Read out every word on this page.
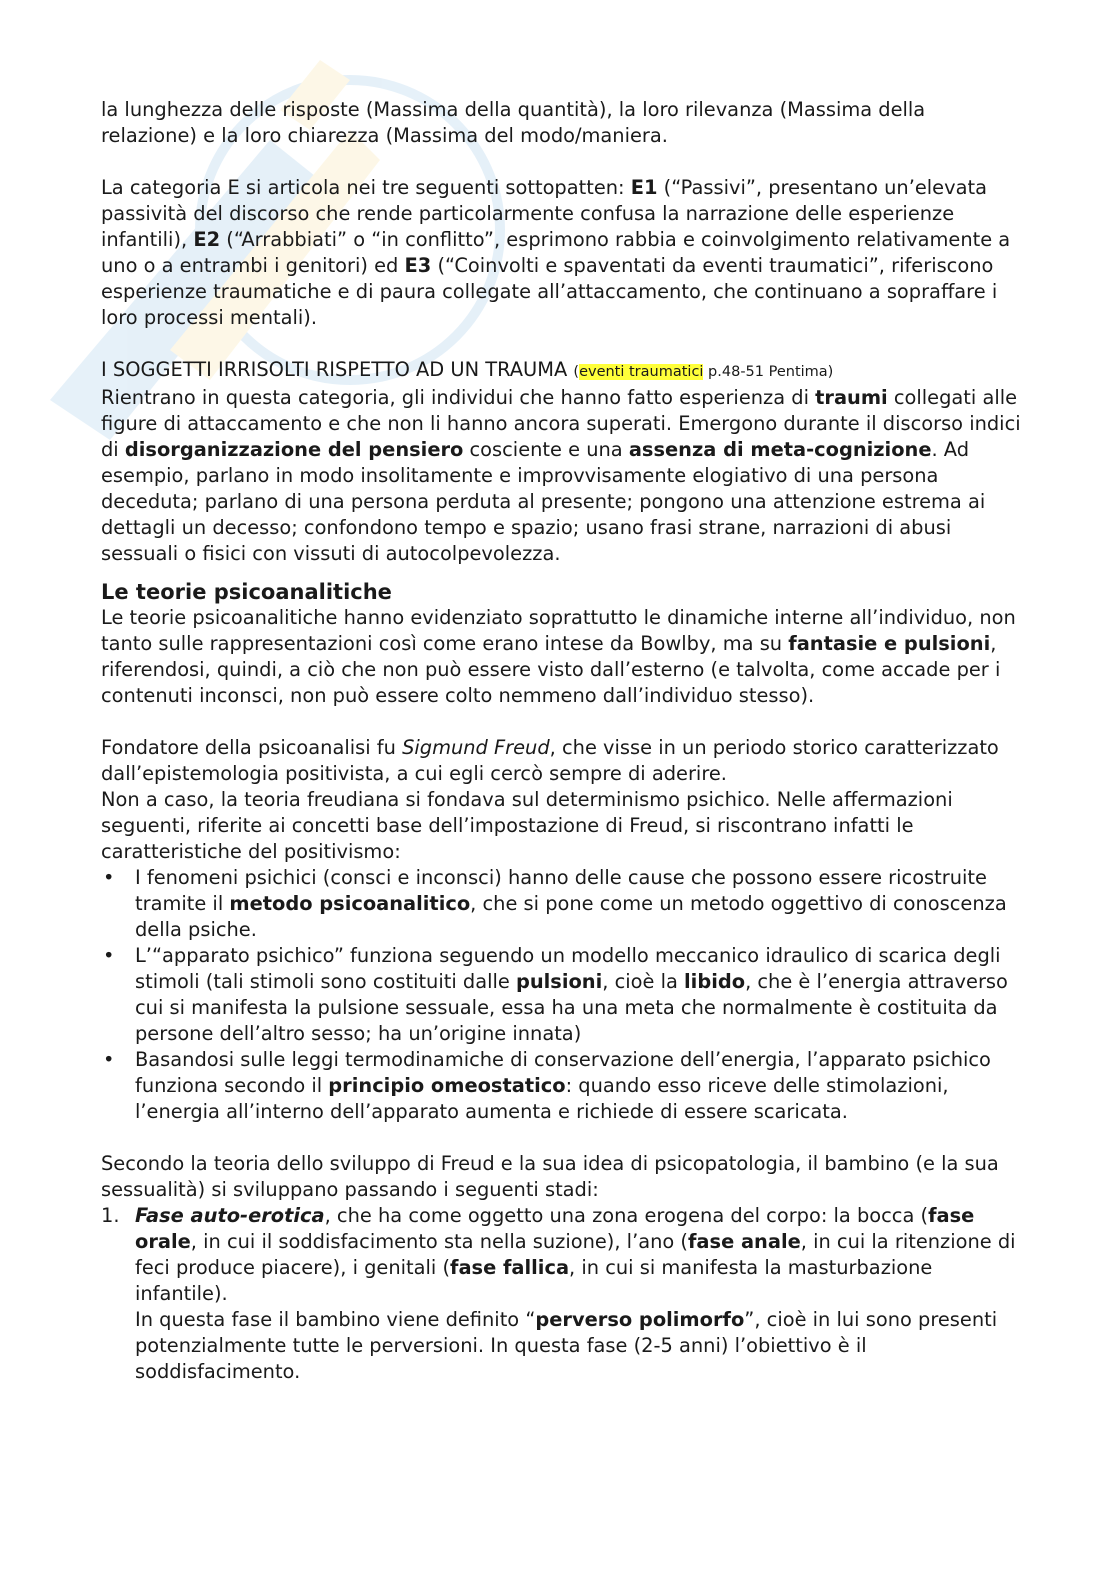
la lunghezza delle risposte (Massima della quantità), la loro rilevanza (Massima della relazione) e la loro chiarezza (Massima del modo/maniera.

La categoria E si articola nei tre seguenti sottopatten: E1 (“Passivi”, presentano un’elevata passività del discorso che rende particolarmente confusa la narrazione delle esperienze infantili), E2 (“Arrabbiati” o “in conflitto”, esprimono rabbia e coinvolgimento relativamente a uno o a entrambi i genitori) ed E3 (“Coinvolti e spaventati da eventi traumatici”, riferiscono esperienze traumatiche e di paura collegate all’attaccamento, che continuano a sopraffare i loro processi mentali).

I SOGGETTI IRRISOLTI RISPETTO AD UN TRAUMA (eventi traumatici p.48-51 Pentima)
Rientrano in questa categoria, gli individui che hanno fatto esperienza di traumi collegati alle figure di attaccamento e che non li hanno ancora superati. Emergono durante il discorso indici di disorganizzazione del pensiero cosciente e una assenza di meta-cognizione. Ad esempio, parlano in modo insolitamente e improvvisamente elogiativo di una persona deceduta; parlano di una persona perduta al presente; pongono una attenzione estrema ai dettagli un decesso; confondono tempo e spazio; usano frasi strane, narrazioni di abusi sessuali o fisici con vissuti di autocolpevolezza.

Le teorie psicoanalitiche

Le teorie psicoanalitiche hanno evidenziato soprattutto le dinamiche interne all’individuo, non tanto sulle rappresentazioni così come erano intese da Bowlby, ma su fantasie e pulsioni, riferendosi, quindi, a ciò che non può essere visto dall’esterno (e talvolta, come accade per i contenuti inconsci, non può essere colto nemmeno dall’individuo stesso).

Fondatore della psicoanalisi fu Sigmund Freud, che visse in un periodo storico caratterizzato dall’epistemologia positivista, a cui egli cercò sempre di aderire.

Non a caso, la teoria freudiana si fondava sul determinismo psichico. Nelle affermazioni seguenti, riferite ai concetti base dell’impostazione di Freud, si riscontrano infatti le caratteristiche del positivismo:

• I fenomeni psichici (consci e inconsci) hanno delle cause che possono essere ricostruite tramite il metodo psicoanalitico, che si pone come un metodo oggettivo di conoscenza della psiche.
• L’“apparato psichico” funziona seguendo un modello meccanico idraulico di scarica degli stimoli (tali stimoli sono costituiti dalle pulsioni, cioè la libido, che è l’energia attraverso cui si manifesta la pulsione sessuale, essa ha una meta che normalmente è costituita da persone dell’altro sesso; ha un’origine innata)
• Basandosi sulle leggi termodinamiche di conservazione dell’energia, l’apparato psichico funziona secondo il principio omeostatico: quando esso riceve delle stimolazioni, l’energia all’interno dell’apparato aumenta e richiede di essere scaricata.

Secondo la teoria dello sviluppo di Freud e la sua idea di psicopatologia, il bambino (e la sua sessualità) si sviluppano passando i seguenti stadi:

1. Fase auto-erotica, che ha come oggetto una zona erogena del corpo: la bocca (fase orale, in cui il soddisfacimento sta nella suzione), l’ano (fase anale, in cui la ritenzione di feci produce piacere), i genitali (fase fallica, in cui si manifesta la masturbazione infantile).
In questa fase il bambino viene definito “perverso polimorfo”, cioè in lui sono presenti potenzialmente tutte le perversioni. In questa fase (2-5 anni) l’obiettivo è il soddisfacimento.
